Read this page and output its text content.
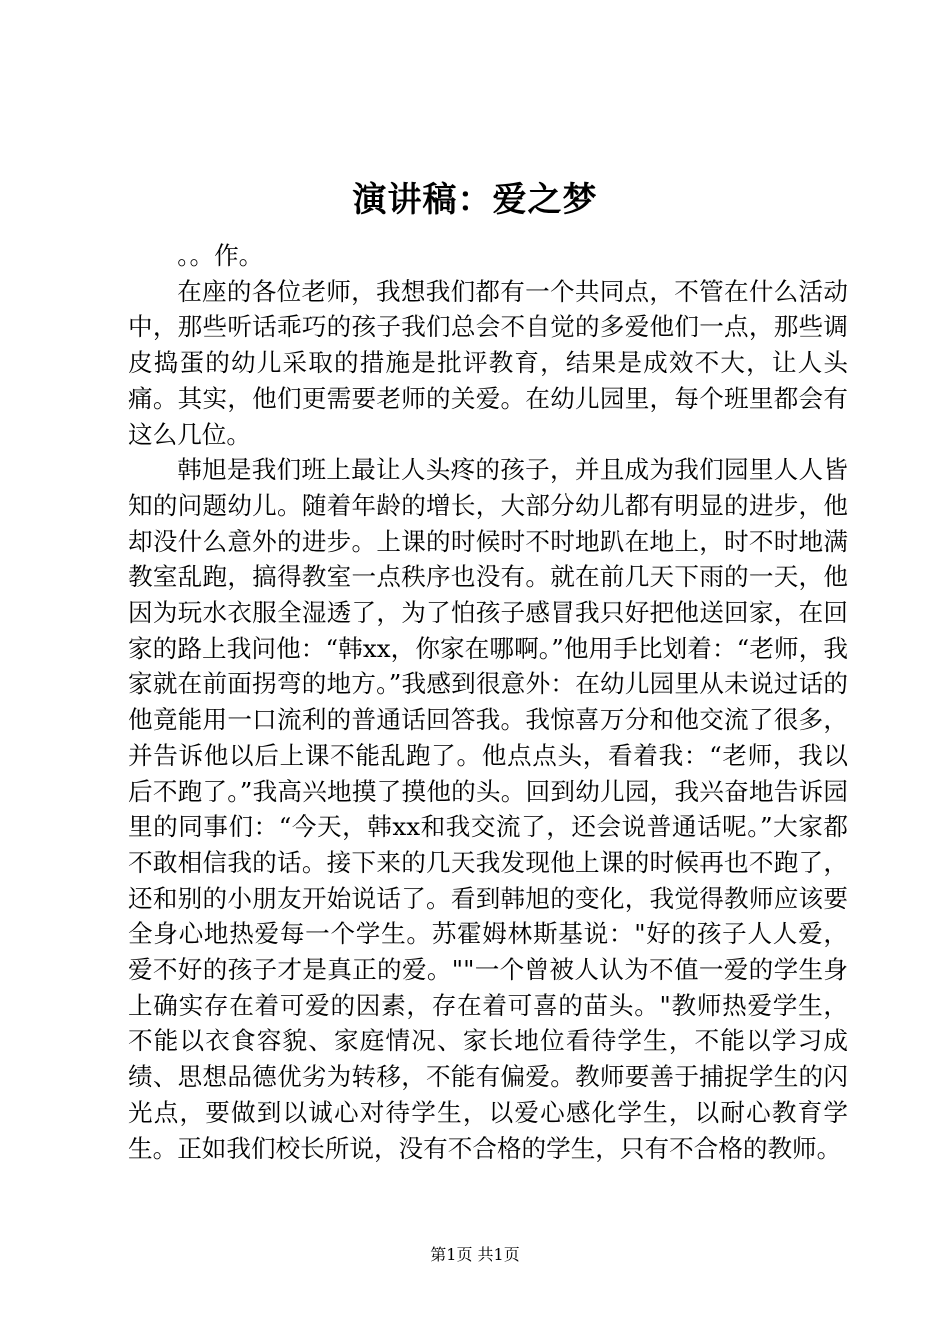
演讲稿：爱之梦

。。作。

在座的各位老师，我想我们都有一个共同点，不管在什么活动中，那些听话乖巧的孩子我们总会不自觉的多爱他们一点，那些调皮捣蛋的幼儿采取的措施是批评教育，结果是成效不大，让人头痛。其实，他们更需要老师的关爱。在幼儿园里，每个班里都会有这么几位。

韩旭是我们班上最让人头疼的孩子，并且成为我们园里人人皆知的问题幼儿。随着年龄的增长，大部分幼儿都有明显的进步，他却没什么意外的进步。上课的时候时不时地趴在地上，时不时地满教室乱跑，搞得教室一点秩序也没有。就在前几天下雨的一天，他因为玩水衣服全湿透了，为了怕孩子感冒我只好把他送回家，在回家的路上我问他：“韩xx，你家在哪啊。”他用手比划着：“老师，我家就在前面拐弯的地方。”我感到很意外：在幼儿园里从未说过话的他竟能用一口流利的普通话回答我。我惊喜万分和他交流了很多，并告诉他以后上课不能乱跑了。他点点头，看着我：“老师，我以后不跑了。”我高兴地摸了摸他的头。回到幼儿园，我兴奋地告诉园里的同事们：“今天，韩xx和我交流了，还会说普通话呢。”大家都不敢相信我的话。接下来的几天我发现他上课的时候再也不跑了，还和别的小朋友开始说话了。看到韩旭的变化，我觉得教师应该要全身心地热爱每一个学生。苏霍姆林斯基说："好的孩子人人爱，爱不好的孩子才是真正的爱。""一个曾被人认为不值一爱的学生身上确实存在着可爱的因素，存在着可喜的苗头。"教师热爱学生，不能以衣食容貌、家庭情况、家长地位看待学生，不能以学习成绩、思想品德优劣为转移，不能有偏爱。教师要善于捕捉学生的闪光点，要做到以诚心对待学生，以爱心感化学生，以耐心教育学生。正如我们校长所说，没有不合格的学生，只有不合格的教师。

第1页 共1页
